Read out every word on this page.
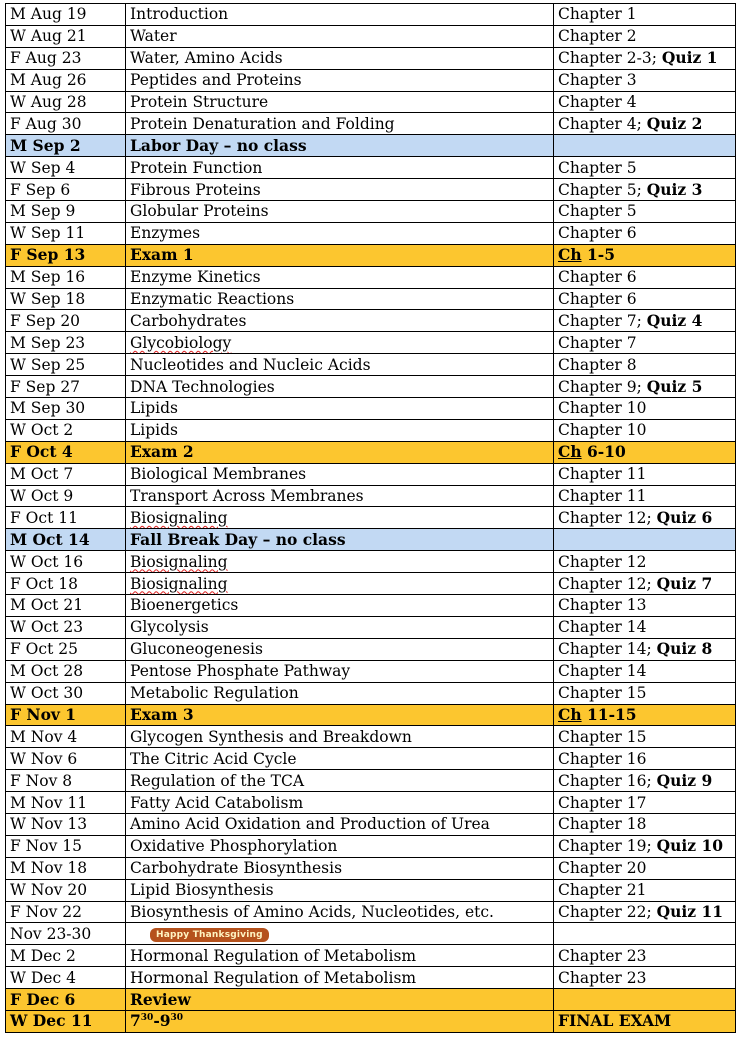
M Aug 19	Introduction	Chapter 1
W Aug 21	Water	Chapter 2
F Aug 23	Water, Amino Acids	Chapter 2-3; Quiz 1
M Aug 26	Peptides and Proteins	Chapter 3
W Aug 28	Protein Structure	Chapter 4
F Aug 30	Protein Denaturation and Folding	Chapter 4; Quiz 2
M Sep 2	Labor Day – no class	
W Sep 4	Protein Function	Chapter 5
F Sep 6	Fibrous Proteins	Chapter 5; Quiz 3
M Sep 9	Globular Proteins	Chapter 5
W Sep 11	Enzymes	Chapter 6
F Sep 13	Exam 1	Ch 1-5
M Sep 16	Enzyme Kinetics	Chapter 6
W Sep 18	Enzymatic Reactions	Chapter 6
F Sep 20	Carbohydrates	Chapter 7; Quiz 4
M Sep 23	Glycobiology	Chapter 7
W Sep 25	Nucleotides and Nucleic Acids	Chapter 8
F Sep 27	DNA Technologies	Chapter 9; Quiz 5
M Sep 30	Lipids	Chapter 10
W Oct 2	Lipids	Chapter 10
F Oct 4	Exam 2	Ch 6-10
M Oct 7	Biological Membranes	Chapter 11
W Oct 9	Transport Across Membranes	Chapter 11
F Oct 11	Biosignaling	Chapter 12; Quiz 6
M Oct 14	Fall Break Day – no class	
W Oct 16	Biosignaling	Chapter 12
F Oct 18	Biosignaling	Chapter 12; Quiz 7
M Oct 21	Bioenergetics	Chapter 13
W Oct 23	Glycolysis	Chapter 14
F Oct 25	Gluconeogenesis	Chapter 14; Quiz 8
M Oct 28	Pentose Phosphate Pathway	Chapter 14
W Oct 30	Metabolic Regulation	Chapter 15
F Nov 1	Exam 3	Ch 11-15
M Nov 4	Glycogen Synthesis and Breakdown	Chapter 15
W Nov 6	The Citric Acid Cycle	Chapter 16
F Nov 8	Regulation of the TCA	Chapter 16; Quiz 9
M Nov 11	Fatty Acid Catabolism	Chapter 17
W Nov 13	Amino Acid Oxidation and Production of Urea	Chapter 18
F Nov 15	Oxidative Phosphorylation	Chapter 19; Quiz 10
M Nov 18	Carbohydrate Biosynthesis	Chapter 20
W Nov 20	Lipid Biosynthesis	Chapter 21
F Nov 22	Biosynthesis of Amino Acids, Nucleotides, etc.	Chapter 22; Quiz 11
Nov 23-30	Happy Thanksgiving	
M Dec 2	Hormonal Regulation of Metabolism	Chapter 23
W Dec 4	Hormonal Regulation of Metabolism	Chapter 23
F Dec 6	Review	
W Dec 11	$7^{30}-9^{30}$	FINAL EXAM
